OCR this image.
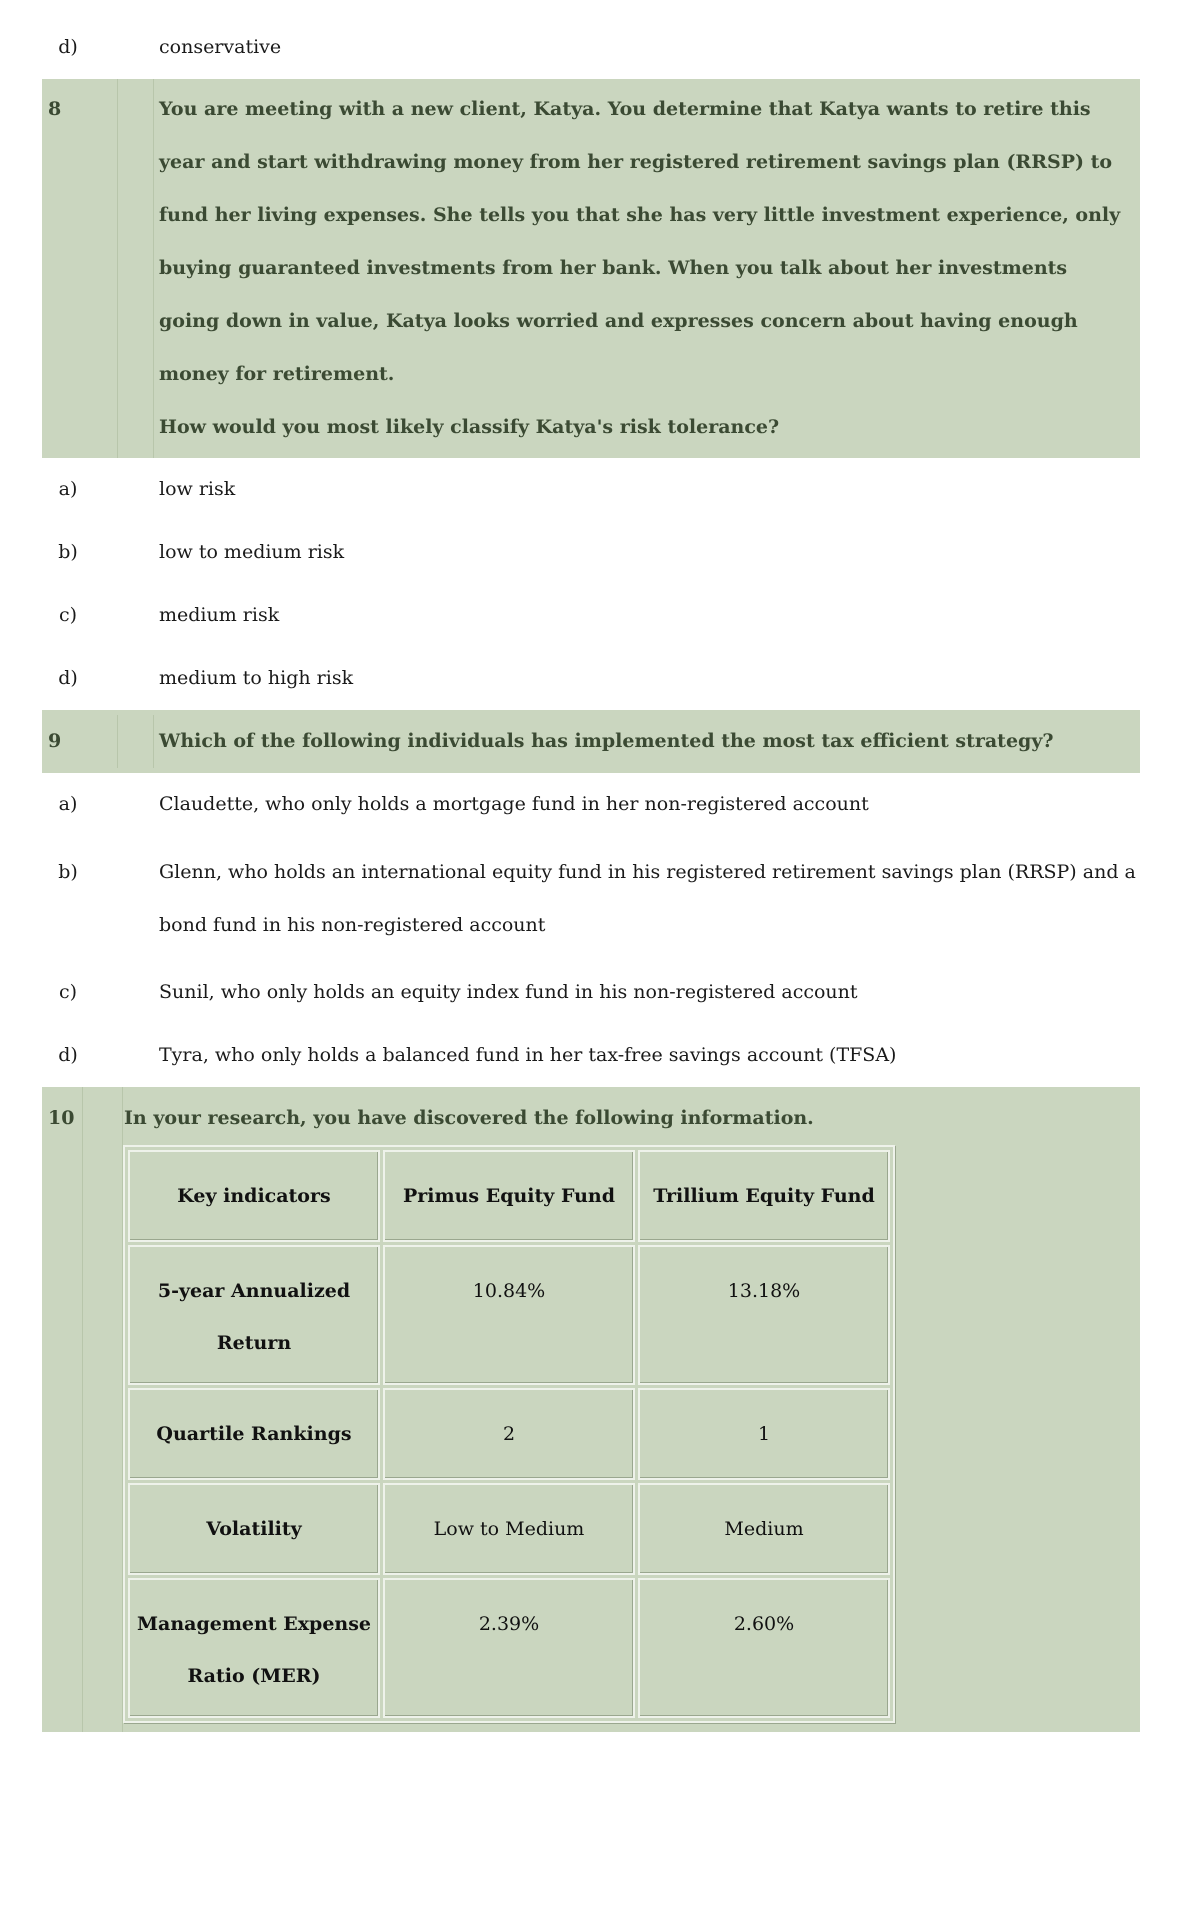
d)	conservative
8	You are meeting with a new client, Katya. You determine that Katya wants to retire this year and start withdrawing money from her registered retirement savings plan (RRSP) to fund her living expenses. She tells you that she has very little investment experience, only buying guaranteed investments from her bank. When you talk about her investments going down in value, Katya looks worried and expresses concern about having enough money for retirement.
How would you most likely classify Katya's risk tolerance?
a)	low risk
b)	low to medium risk
c)	medium risk
d)	medium to high risk
9	Which of the following individuals has implemented the most tax efficient strategy?
a)	Claudette, who only holds a mortgage fund in her non-registered account
b)	Glenn, who holds an international equity fund in his registered retirement savings plan (RRSP) and a bond fund in his non-registered account
c)	Sunil, who only holds an equity index fund in his non-registered account
d)	Tyra, who only holds a balanced fund in her tax-free savings account (TFSA)
10	In your research, you have discovered the following information.
Key indicators	Primus Equity Fund	Trillium Equity Fund
5-year Annualized Return	10.84%	13.18%
Quartile Rankings	2	1
Volatility	Low to Medium	Medium
Management Expense Ratio (MER)	2.39%	2.60%
